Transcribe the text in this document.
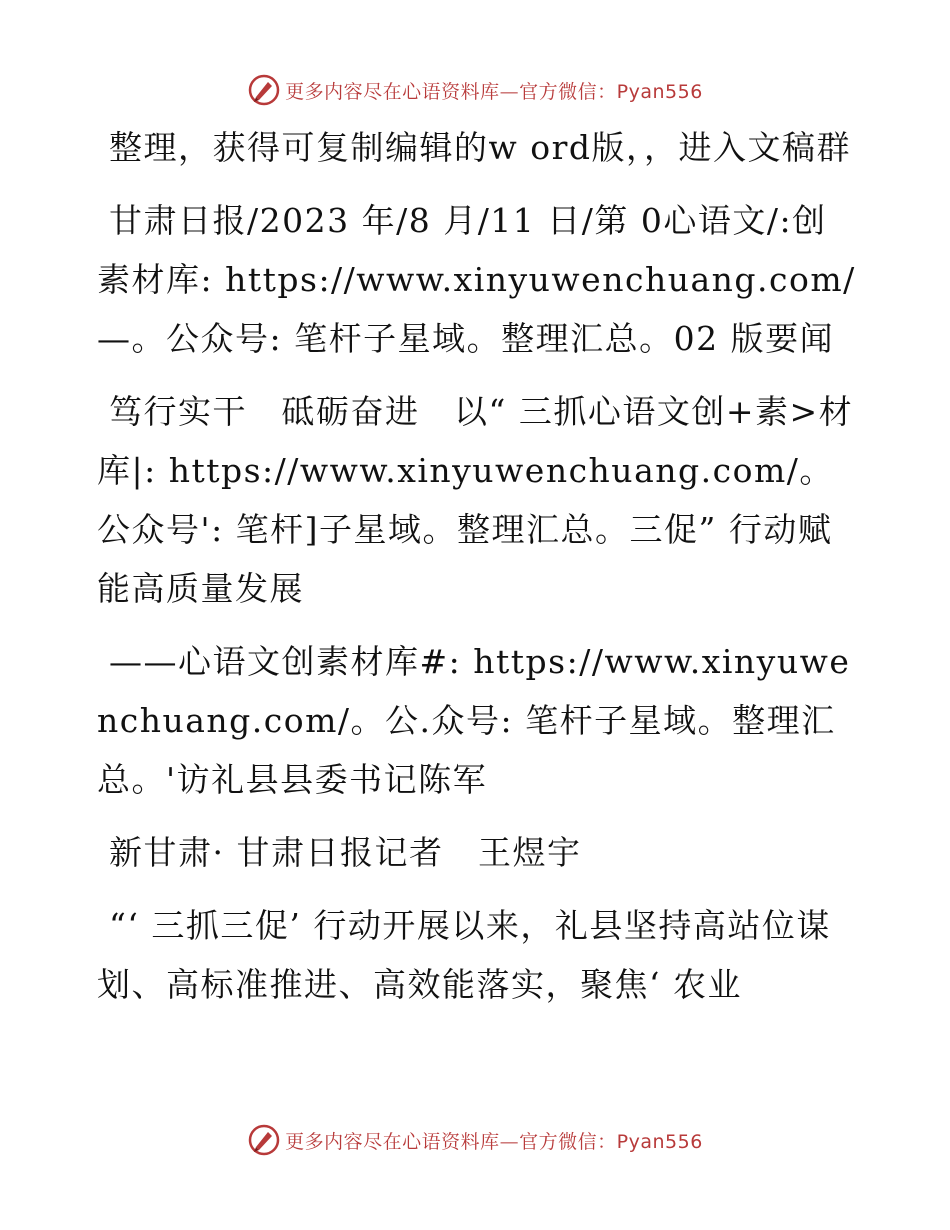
更多内容尽在心语资料库—官方微信：Pyan556

整理，获得可复制编辑的w ord版，，进入文稿群

甘肃日报/2023 年/8 月/11 日/第 0心语文/:创素材库: https://www.xinyuwenchuang.com/—。公众号: 笔杆子星域。整理汇总。02 版要闻

笃行实干　砥砺奋进　以“ 三抓心语文创+素>材库|: https://www.xinyuwenchuang.com/。公众号': 笔杆]子星域。整理汇总。三促” 行动赋能高质量发展

——心语文创素材库#: https://www.xinyuwenchuang.com/。公.众号: 笔杆子星域。整理汇总。'访礼县县委书记陈军

新甘肃· 甘肃日报记者　王煜宇

“‘ 三抓三促’ 行动开展以来，礼县坚持高站位谋划、高标准推进、高效能落实，聚焦‘ 农业

更多内容尽在心语资料库—官方微信：Pyan556
